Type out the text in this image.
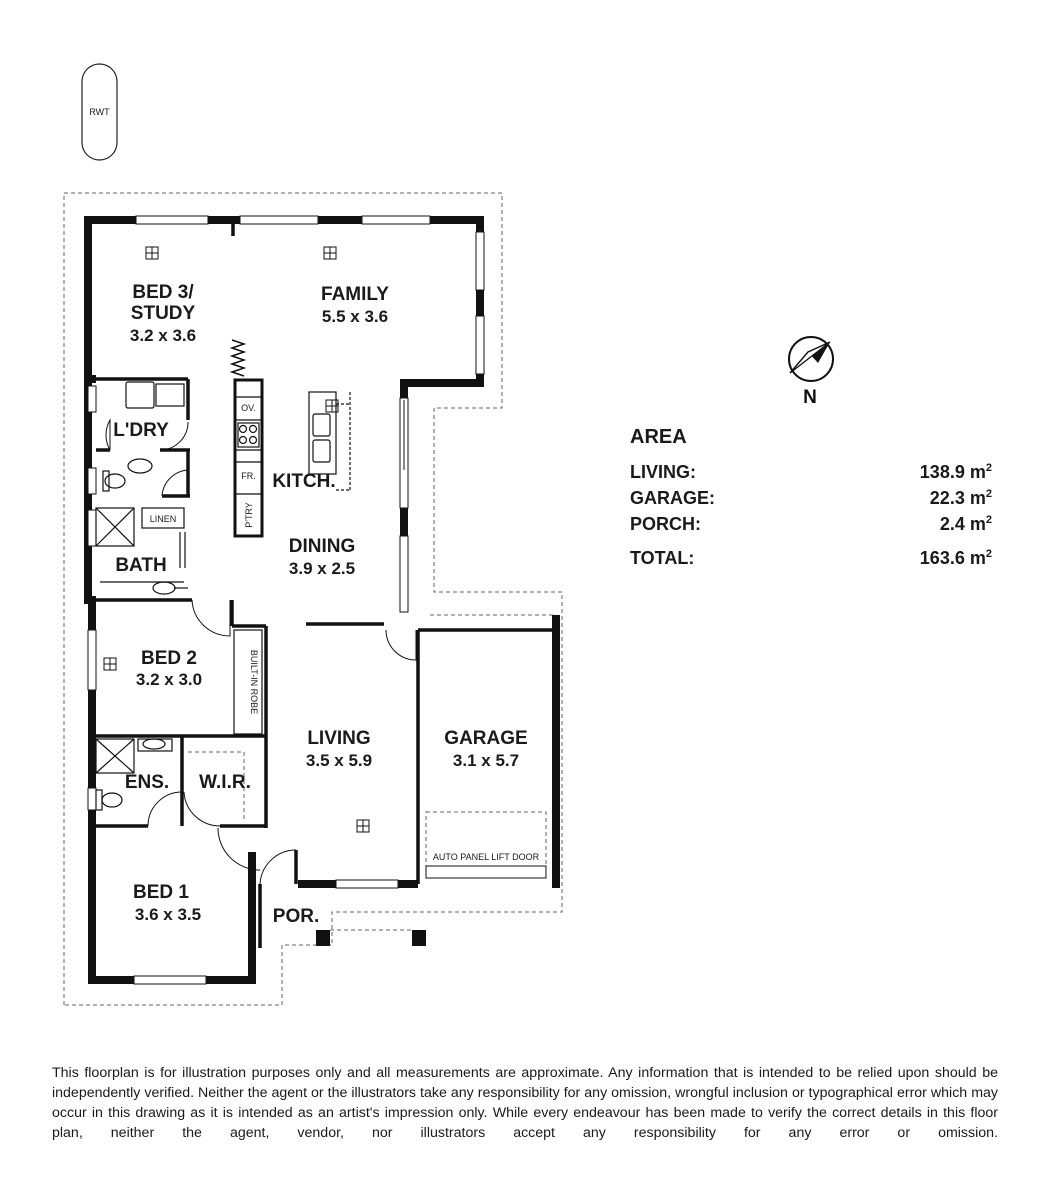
RWT
OV.
FR.
P'TRY
LINEN
BUILT-IN ROBE
AUTO PANEL LIFT DOOR
N
BED 3/
STUDY
3.2 x 3.6
FAMILY
5.5 x 3.6
L'DRY
KITCH.
DINING
3.9 x 2.5
BATH
BED 2
3.2 x 3.0
LIVING
3.5 x 5.9
GARAGE
3.1 x 5.7
ENS. W.I.R.
BED 1
3.6 x 3.5	POR.
AREA
LIVING:	138.9 $m^2$
GARAGE:	22.3 $m^2$
PORCH:	2.4 $m^2$
TOTAL:	163.6 $m^2$
This floorplan is for illustration purposes only and all measurements are approximate. Any information that is intended to be relied upon should be independently verified. Neither the agent or the illustrators take any responsibility for any omission, wrongful inclusion or typographical error which may occur in this drawing as it is intended as an artist's impression only. While every endeavour has been made to verify the correct details in this floor plan, neither the agent, vendor, nor illustrators accept any responsibility for any error or omission.
